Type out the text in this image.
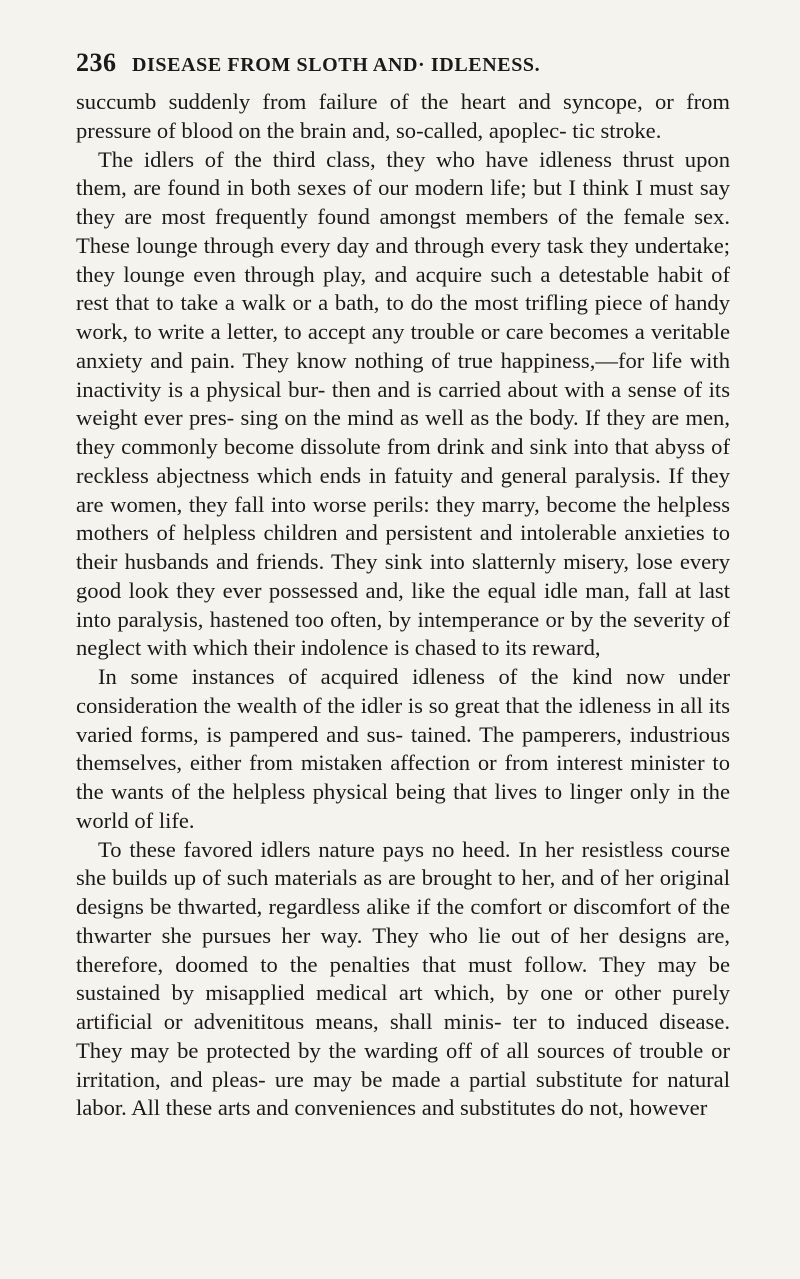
236 DISEASE FROM SLOTH AND· IDLENESS.

succumb suddenly from failure of the heart and syncope, or from pressure of blood on the brain and, so-called, apoplec- tic stroke.

The idlers of the third class, they who have idleness thrust upon them, are found in both sexes of our modern life; but I think I must say they are most frequently found amongst members of the female sex. These lounge through every day and through every task they undertake; they lounge even through play, and acquire such a detestable habit of rest that to take a walk or a bath, to do the most trifling piece of handy work, to write a letter, to accept any trouble or care becomes a veritable anxiety and pain. They know nothing of true happiness,—for life with inactivity is a physical bur- then and is carried about with a sense of its weight ever pres- sing on the mind as well as the body. If they are men, they commonly become dissolute from drink and sink into that abyss of reckless abjectness which ends in fatuity and general paralysis. If they are women, they fall into worse perils: they marry, become the helpless mothers of helpless children and persistent and intolerable anxieties to their husbands and friends. They sink into slatternly misery, lose every good look they ever possessed and, like the equal idle man, fall at last into paralysis, hastened too often, by intemperance or by the severity of neglect with which their indolence is chased to its reward,

In some instances of acquired idleness of the kind now under consideration the wealth of the idler is so great that the idleness in all its varied forms, is pampered and sus- tained. The pamperers, industrious themselves, either from mistaken affection or from interest minister to the wants of the helpless physical being that lives to linger only in the world of life.

To these favored idlers nature pays no heed. In her resistless course she builds up of such materials as are brought to her, and of her original designs be thwarted, regardless alike if the comfort or discomfort of the thwarter she pursues her way. They who lie out of her designs are, therefore, doomed to the penalties that must follow. They may be sustained by misapplied medical art which, by one or other purely artificial or advenititous means, shall minis- ter to induced disease. They may be protected by the warding off of all sources of trouble or irritation, and pleas- ure may be made a partial substitute for natural labor. All these arts and conveniences and substitutes do not, however
